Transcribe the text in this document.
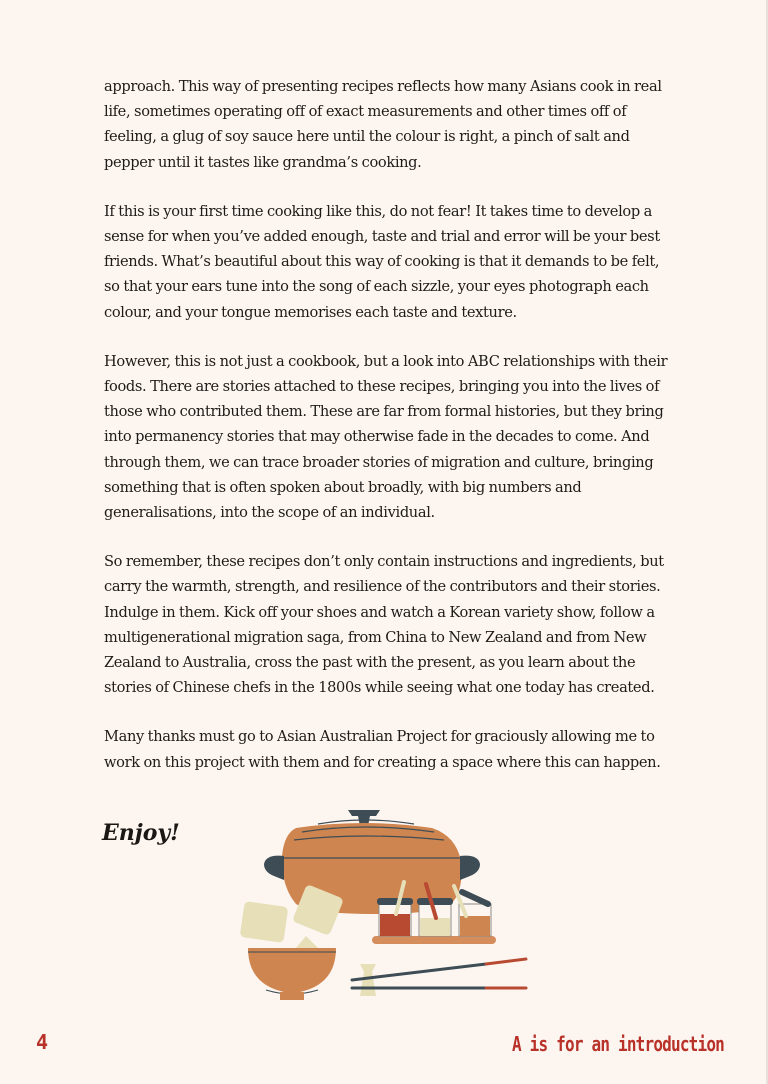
approach. This way of presenting recipes reflects how many Asians cook in real life, sometimes operating off of exact measurements and other times off of feeling, a glug of soy sauce here until the colour is right, a pinch of salt and pepper until it tastes like grandma’s cooking.

If this is your first time cooking like this, do not fear! It takes time to develop a sense for when you’ve added enough, taste and trial and error will be your best friends. What’s beautiful about this way of cooking is that it demands to be felt, so that your ears tune into the song of each sizzle, your eyes photograph each colour, and your tongue memorises each taste and texture.

However, this is not just a cookbook, but a look into ABC relationships with their foods. There are stories attached to these recipes, bringing you into the lives of those who contributed them. These are far from formal histories, but they bring into permanency stories that may otherwise fade in the decades to come. And through them, we can trace broader stories of migration and culture, bringing something that is often spoken about broadly, with big numbers and generalisations, into the scope of an individual.

So remember, these recipes don’t only contain instructions and ingredients, but carry the warmth, strength, and resilience of the contributors and their stories. Indulge in them. Kick off your shoes and watch a Korean variety show, follow a multigenerational migration saga, from China to New Zealand and from New Zealand to Australia, cross the past with the present, as you learn about the stories of Chinese chefs in the 1800s while seeing what one today has created.

Many thanks must go to Asian Australian Project for graciously allowing me to work on this project with them and for creating a space where this can happen.

Enjoy!
4	A is for an introduction
